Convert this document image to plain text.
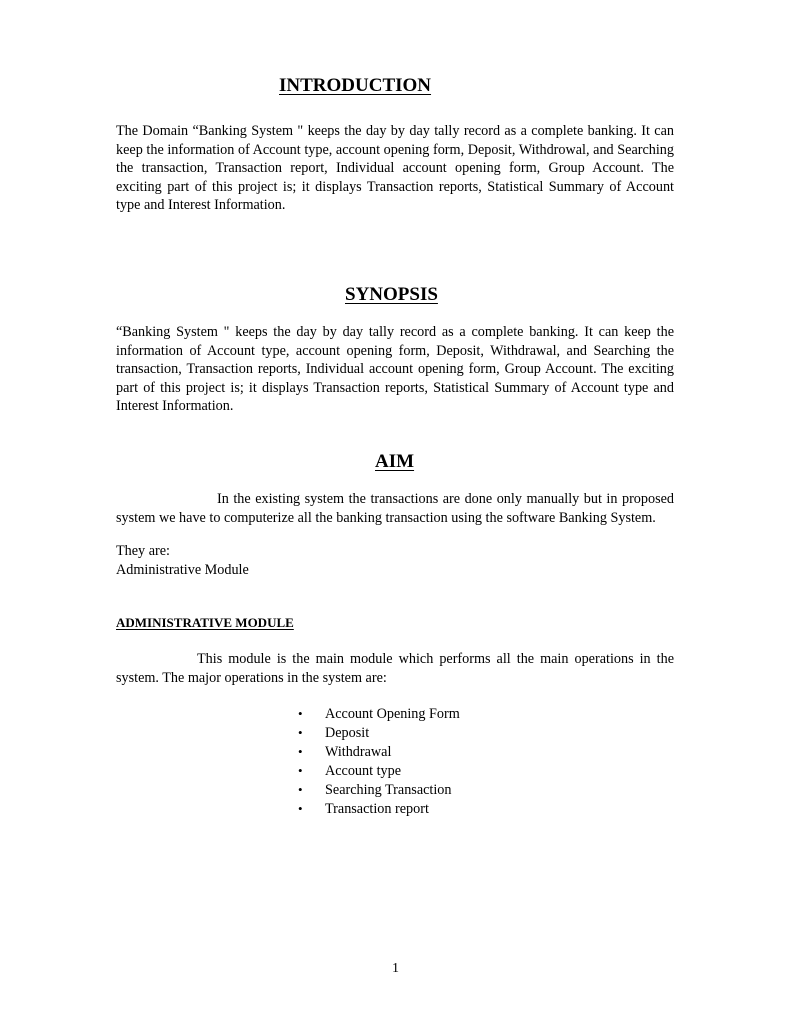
INTRODUCTION

The Domain “Banking System " keeps the day by day tally record as a complete banking. It can keep the information of Account type, account opening form, Deposit, Withdrowal, and Searching the transaction, Transaction report, Individual account opening form, Group Account. The exciting part of this project is; it displays Transaction reports, Statistical Summary of Account type and Interest Information.

SYNOPSIS

“Banking System " keeps the day by day tally record as a complete banking. It can keep the information of Account type, account opening form, Deposit, Withdrawal, and Searching the transaction, Transaction reports, Individual account opening form, Group Account. The exciting part of this project is; it displays Transaction reports, Statistical Summary of Account type and Interest Information.

AIM

In the existing system the transactions are done only manually but in proposed system we have to computerize all the banking transaction using the software Banking System.

They are:

Administrative Module

ADMINISTRATIVE MODULE

This module is the main module which performs all the main operations in the system. The major operations in the system are:

• Account Opening Form
• Deposit
• Withdrawal
• Account type
• Searching Transaction
• Transaction report

1
